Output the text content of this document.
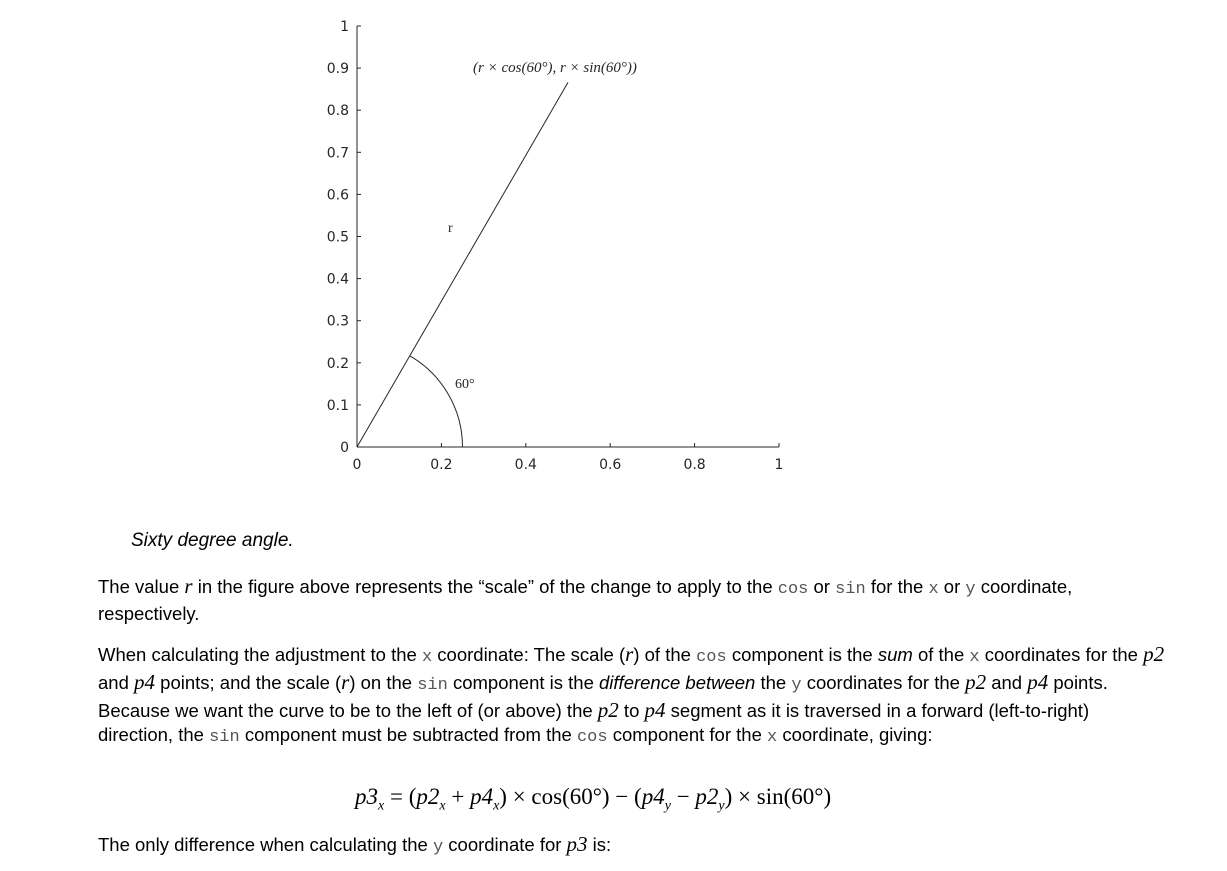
0	0.2	0.4	0.6	0.8	1
0
0.1
0.2
0.3
0.4
0.5
0.6
0.7
0.8
0.9
1
(r × cos(60°), r × sin(60°))
r
60°
Sixty degree angle.
The value r in the figure above represents the “scale” of the change to apply to the cos or sin for the x or y coordinate, respectively.
When calculating the adjustment to the x coordinate: The scale (r) of the cos component is the sum of the x coordinates for the p2 and p4 points; and the scale (r) on the sin component is the difference between the y coordinates for the p2 and p4 points. Because we want the curve to be to the left of (or above) the p2 to p4 segment as it is traversed in a forward (left-to-right) direction, the sin component must be subtracted from the cos component for the x coordinate, giving:
$p3_x = (p2_x + p4_x) \times \cos(60^\circ) - (p4_y - p2_y) \times \sin(60^\circ)$
The only difference when calculating the y coordinate for p3 is:
